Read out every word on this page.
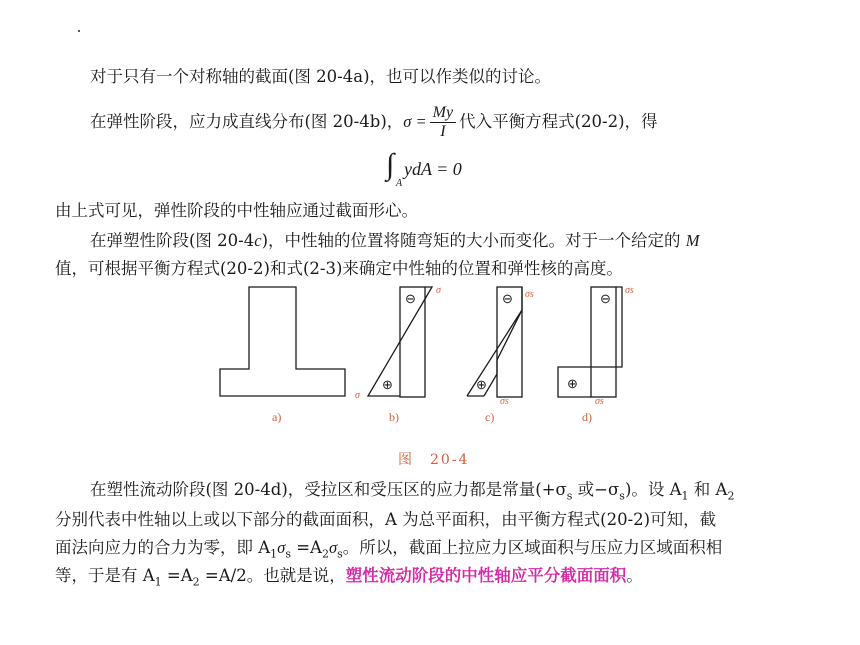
对于只有一个对称轴的截面(图 20-4a)，也可以作类似的讨论。
在弹性阶段，应力成直线分布(图 20-4b)，$\sigma = \frac{My}{I}$ 代入平衡方程式(20-2)，得
∫
A
ydA = 0
由上式可见，弹性阶段的中性轴应通过截面形心。
在弹塑性阶段(图 20-4c)，中性轴的位置将随弯矩的大小而变化。对于一个给定的 M
值，可根据平衡方程式(20-2)和式(2-3)来确定中性轴的位置和弹性核的高度。
⊖
⊕
⊖
⊕
⊖
⊕
σ
σ
σs
σs
σs
σs
a)	b)	c)	d)
图　20-4
在塑性流动阶段(图 20-4d)，受拉区和受压区的应力都是常量($+\sigma_s$ 或$-\sigma_s$)。设 $A_1$ 和 $A_2$
分别代表中性轴以上或以下部分的截面面积，A 为总平面积，由平衡方程式(20-2)可知，截
面法向应力的合力为零，即 $A_1\sigma_s =A_2\sigma_s$。所以，截面上拉应力区域面积与压应力区域面积相
等，于是有 $A_1 =A_2 =A/2$。也就是说，塑性流动阶段的中性轴应平分截面面积。
